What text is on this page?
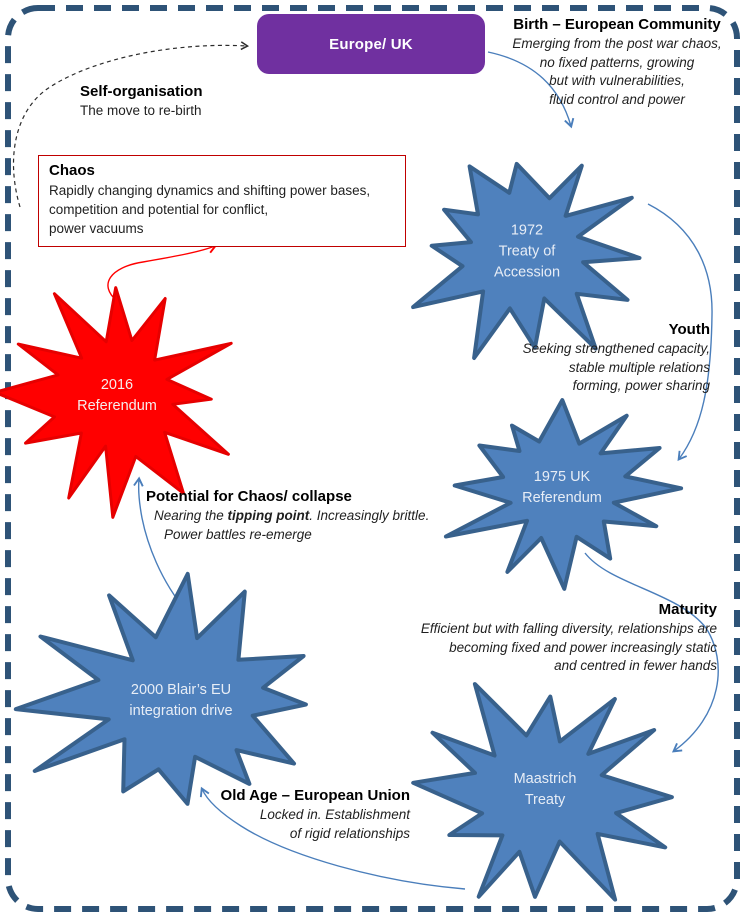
Europe/ UK
Birth – European Community
Emerging from the post war chaos,
no fixed patterns, growing
but with vulnerabilities,
fluid control and power
Self-organisation
The move to re-birth
Chaos
Rapidly changing dynamics and shifting power bases,
competition and potential for conflict,
power vacuums
Youth
Seeking strengthened capacity,
stable multiple relations
forming, power sharing
Maturity
Efficient but with falling diversity, relationships are
becoming fixed and power increasingly static
and centred in fewer hands
Old Age – European Union
Locked in. Establishment
of rigid relationships
Potential for Chaos/ collapse
Nearing the tipping point. Increasingly brittle.
Power battles re-emerge
1972
Treaty of
Accession
1975 UK
Referendum
Maastrich
Treaty
2000 Blair’s EU
integration drive
2016
Referendum
